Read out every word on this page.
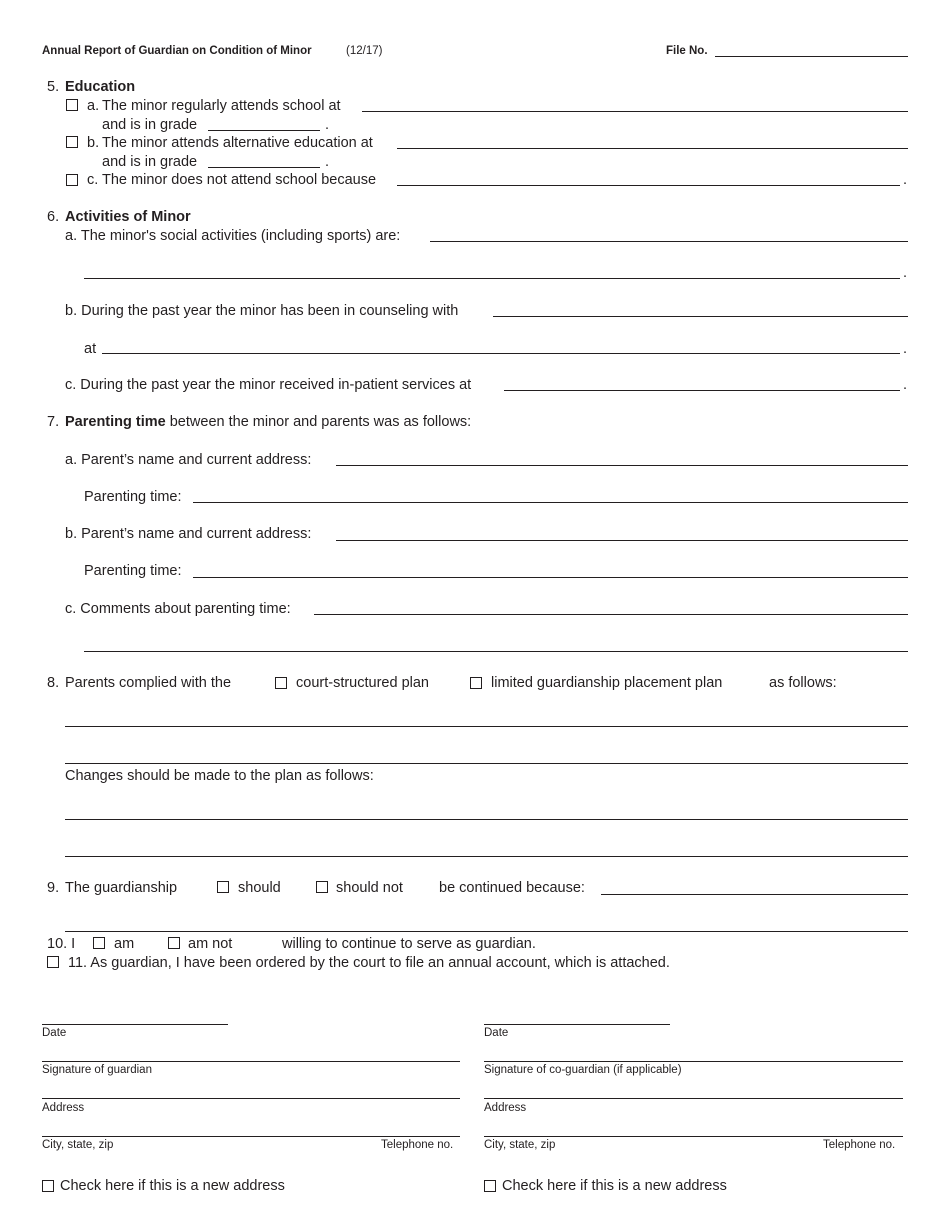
Annual Report of Guardian on Condition of Minor	(12/17)	File No.
5. Education
a. The minor regularly attends school at
and is in grade	.
b. The minor attends alternative education at
and is in grade	.
c. The minor does not attend school because	.
6. Activities of Minor
a. The minor's social activities (including sports) are:
.
b. During the past year the minor has been in counseling with
at	.
c. During the past year the minor received in-patient services at	.
7. Parenting time between the minor and parents was as follows:
a. Parent’s name and current address:
Parenting time:
b. Parent’s name and current address:
Parenting time:
c. Comments about parenting time:
8. Parents complied with the	court-structured plan	limited guardianship placement plan	as follows:
Changes should be made to the plan as follows:
9. The guardianship	should	should not be continued because:
10. I	am	am not	willing to continue to serve as guardian.
11. As guardian, I have been ordered by the court to file an annual account, which is attached.
Date
Signature of guardian
Address
City, state, zip	Telephone no.
Check here if this is a new address
Date
Signature of co-guardian (if applicable)
Address
City, state, zip	Telephone no.
Check here if this is a new address
